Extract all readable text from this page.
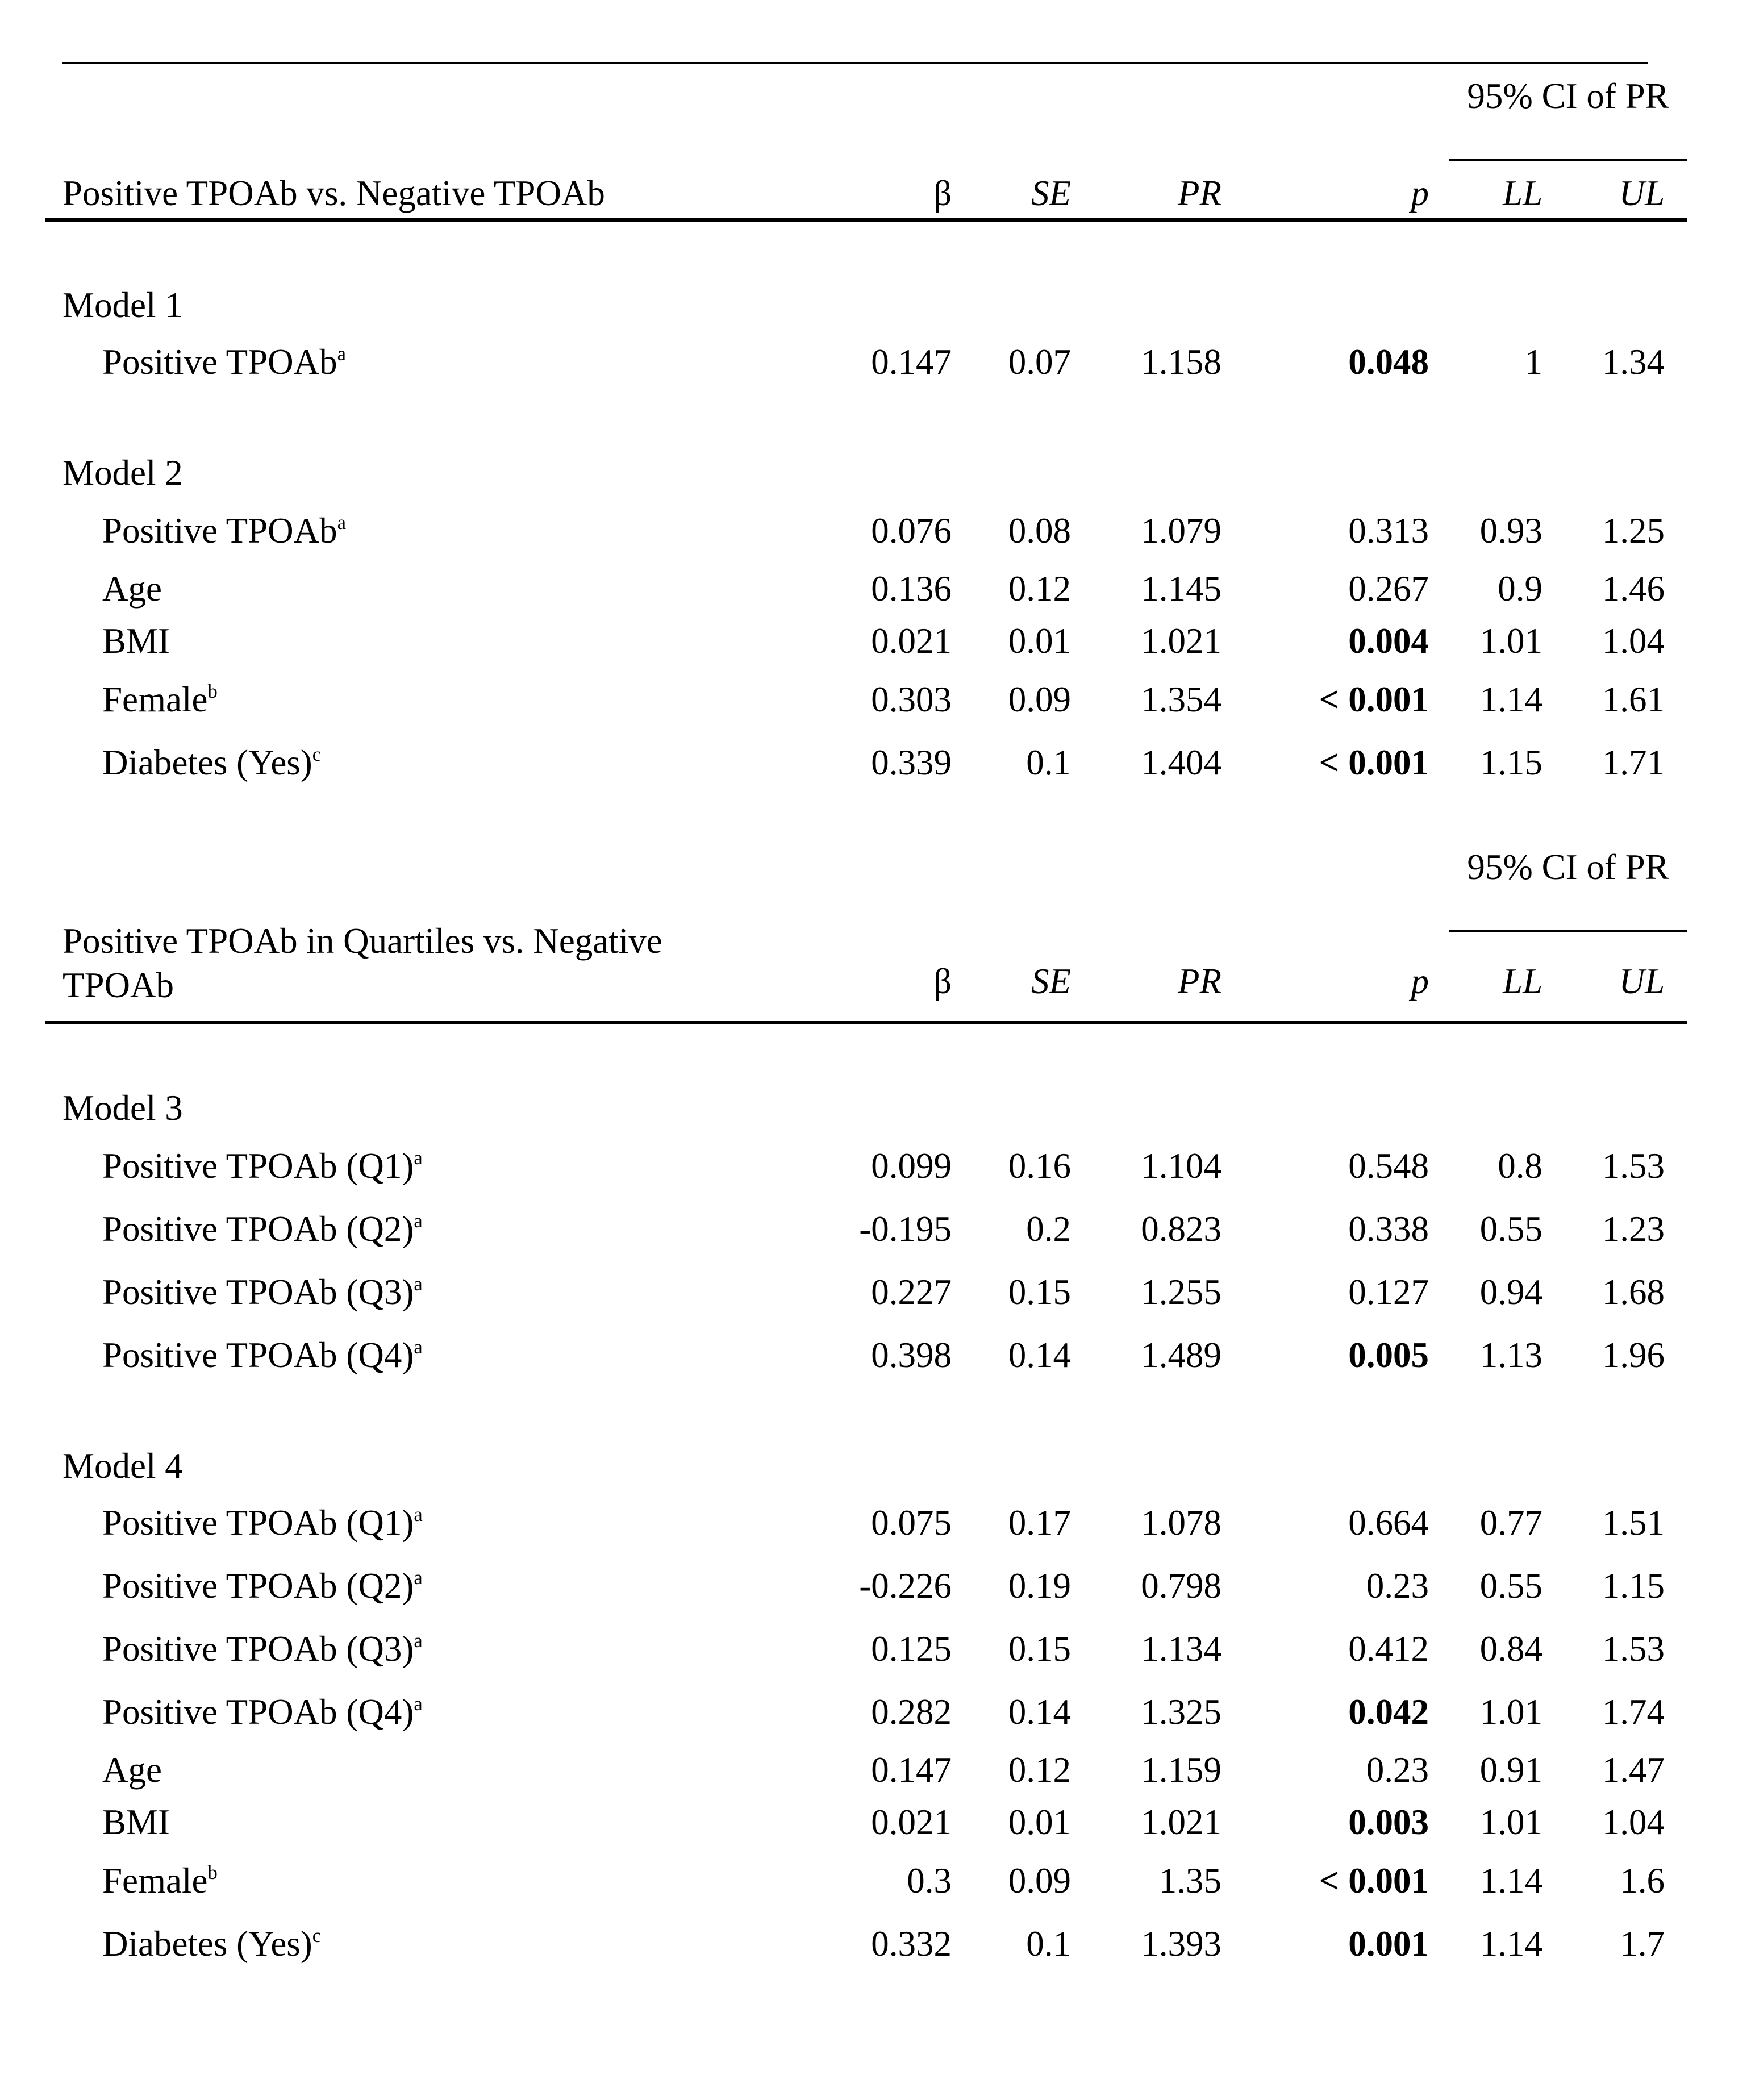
95% CI of PR
Positive TPOAb vs. Negative TPOAb	β SE	PR	p LL UL
Model 1
Positive TPOAb$^a$	0.147 0.07 1.158	0.048	1 1.34
Model 2
Positive TPOAb$^a$	0.076 0.08 1.079	0.313 0.93 1.25
Age	0.136 0.12 1.145	0.267 0.9 1.46
BMI	0.021 0.01 1.021	0.004 1.01 1.04
Female$^b$	0.303 0.09 1.354	< 0.001 1.14 1.61
Diabetes (Yes)$^c$	0.339 0.1 1.404	< 0.001 1.15 1.71
95% CI of PR
Positive TPOAb in Quartiles vs. Negative TPOAb	β SE	PR	p LL UL
Model 3
Positive TPOAb $(Q1)^a$	0.099 0.16 1.104	0.548 0.8 1.53
Positive TPOAb $(Q2)^a$	-0.195 0.2 0.823	0.338 0.55 1.23
Positive TPOAb $(Q3)^a$	0.227 0.15 1.255	0.127 0.94 1.68
Positive TPOAb $(Q4)^a$	0.398 0.14 1.489	0.005 1.13 1.96
Model 4
Positive TPOAb $(Q1)^a$	0.075 0.17 1.078	0.664 0.77 1.51
Positive TPOAb $(Q2)^a$	-0.226 0.19 0.798	0.23 0.55 1.15
Positive TPOAb $(Q3)^a$	0.125 0.15 1.134	0.412 0.84 1.53
Positive TPOAb $(Q4)^a$	0.282 0.14 1.325	0.042 1.01 1.74
Age	0.147 0.12 1.159	0.23 0.91 1.47
BMI	0.021 0.01 1.021	0.003 1.01 1.04
Female$^b$	0.3 0.09 1.35	< 0.001 1.14 1.6
Diabetes (Yes)$^c$	0.332 0.1 1.393	0.001 1.14 1.7
